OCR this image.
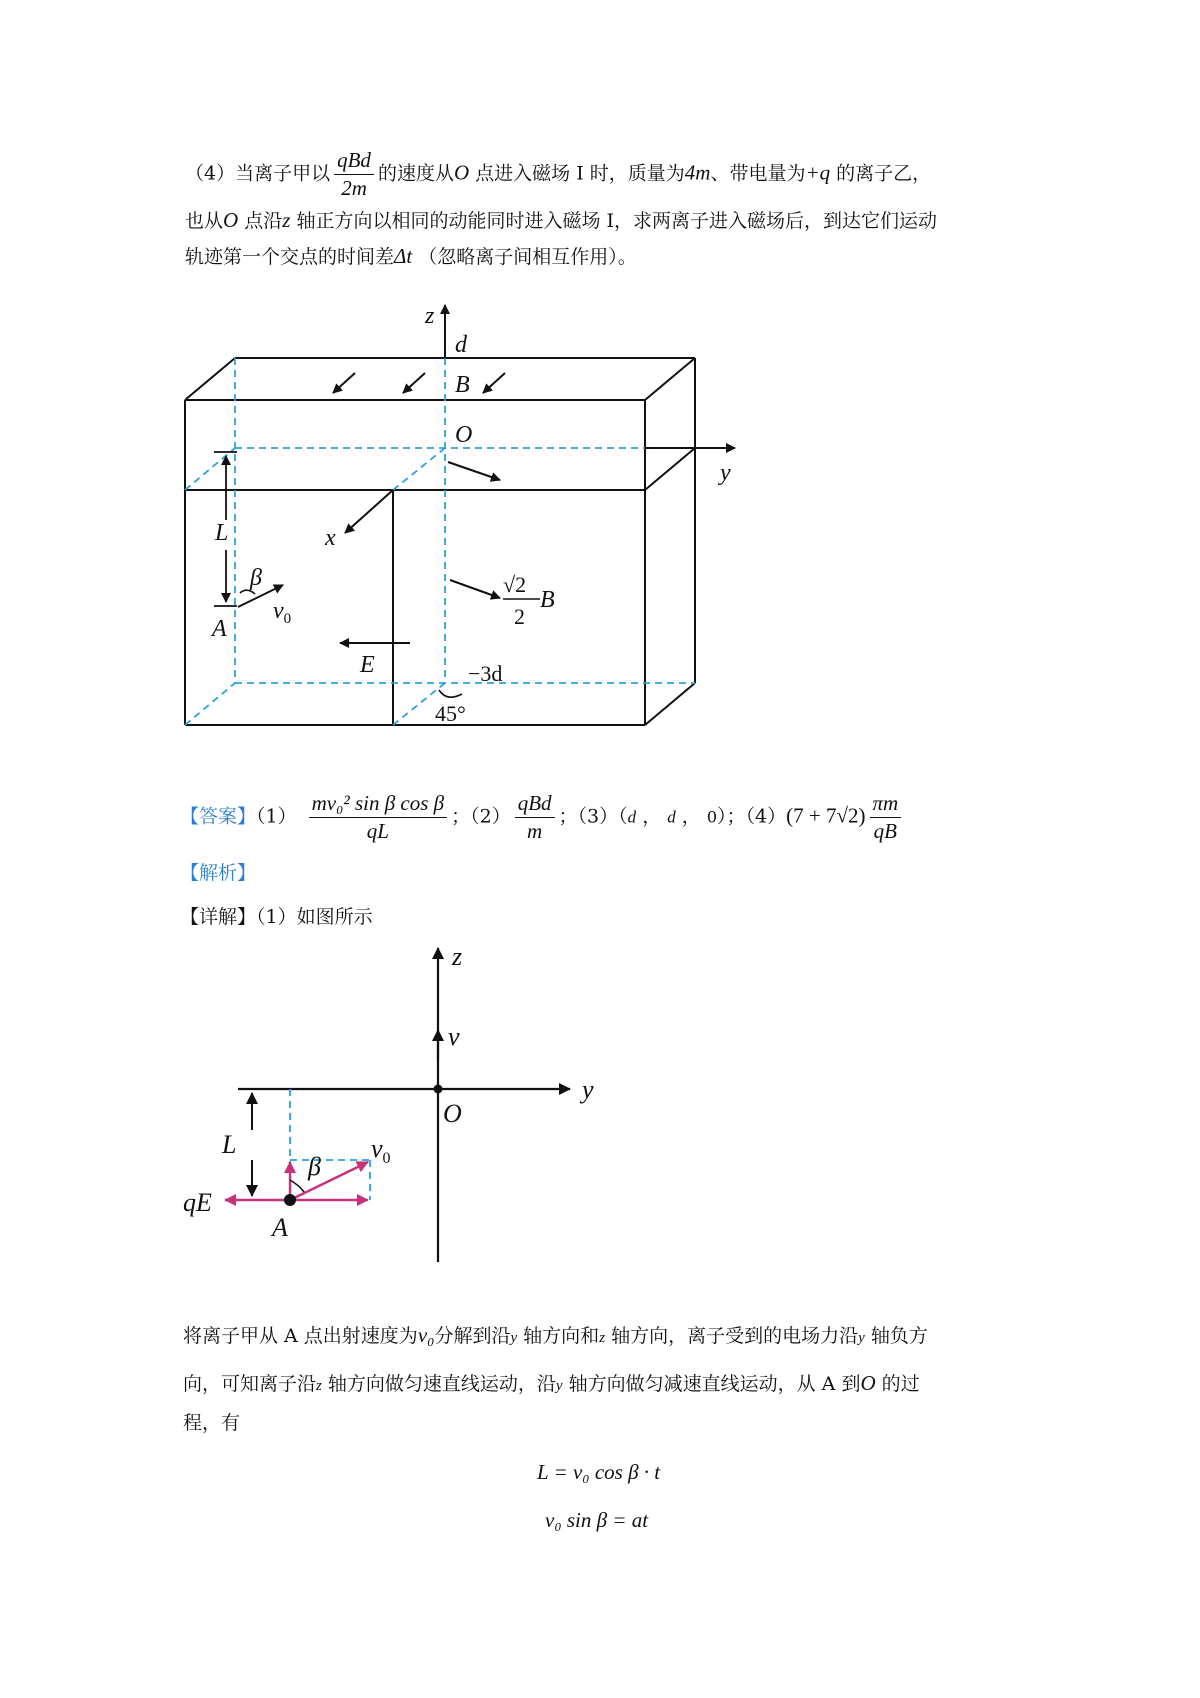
（4）当离子甲以 $\frac{\text{qBd}}{2m}$ 的速度从O 点进入磁场 I 时，质量为4m、带电量为+q 的离子乙，
也从O 点沿z 轴正方向以相同的动能同时进入磁场 I，求两离子进入磁场后，到达它们运动
轨迹第一个交点的时间差Δt （忽略离子间相互作用）。
z
d
B
O
y
x
L
β
$v_0$
A
E
B
√2
2
−3d
45°
【答案】$(1) \frac{\text{mv₀² sin β cos β}}{qL}$ ；$(2) \frac{\text{qBd}}{m}$ ；（3）（d ， d ， 0）；$(4)(7 + 7√2) \frac{\pi m}{qB}$
【解析】
【详解】（1）如图所示
z
v
y
O
L
β
$v_0$
qE
A
将离子甲从 A 点出射速度为v₀分解到沿y 轴方向和z 轴方向，离子受到的电场力沿y 轴负方
向，可知离子沿z 轴方向做匀速直线运动，沿y 轴方向做匀减速直线运动，从 A 到O 的过
程，有
L = v₀ cos β · t
v₀ sin β = at
